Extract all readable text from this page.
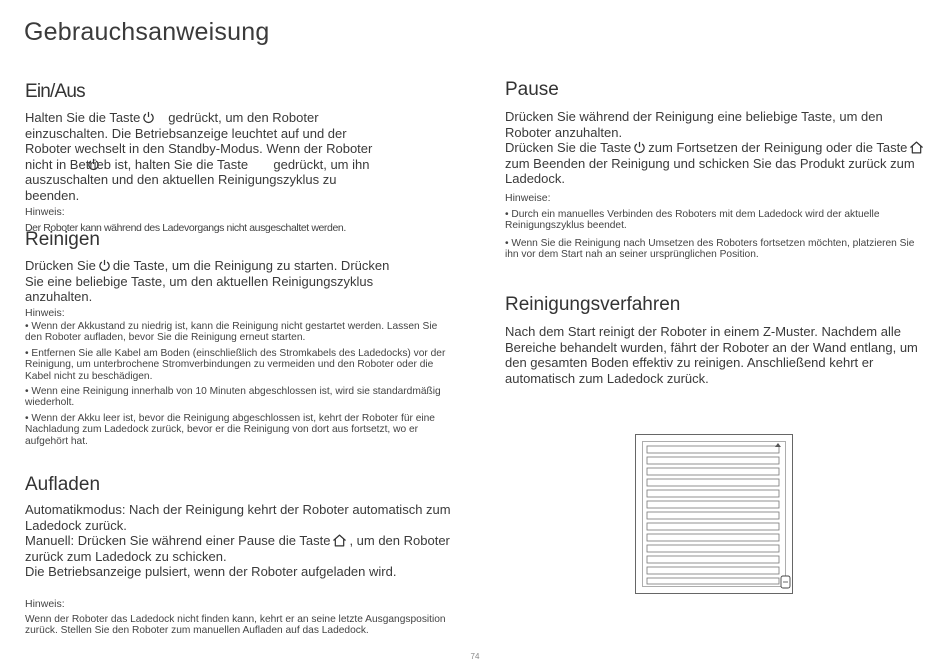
Gebrauchsanweisung
Ein/Aus
Halten Sie die Taste gedrückt, um den Roboter
einzuschalten. Die Betriebsanzeige leuchtet auf und der
Roboter wechselt in den Standby-Modus. Wenn der Roboter
nicht in Betrieb ist, halten Sie die Taste gedrückt, um ihn
auszuschalten und den aktuellen Reinigungszyklus zu
beenden.
Hinweis:
Der Roboter kann während des Ladevorgangs nicht ausgeschaltet werden.
Reinigen
Drücken Sie die Taste, um die Reinigung zu starten. Drücken
Sie eine beliebige Taste, um den aktuellen Reinigungszyklus
anzuhalten.
Hinweis:

• Wenn der Akkustand zu niedrig ist, kann die Reinigung nicht gestartet werden. Lassen Sie den Roboter aufladen, bevor Sie die Reinigung erneut starten.

• Entfernen Sie alle Kabel am Boden (einschließlich des Stromkabels des Ladedocks) vor der Reinigung, um unterbrochene Stromverbindungen zu vermeiden und den Roboter oder die Kabel nicht zu beschädigen.

• Wenn eine Reinigung innerhalb von 10 Minuten abgeschlossen ist, wird sie standardmäßig wiederholt.

• Wenn der Akku leer ist, bevor die Reinigung abgeschlossen ist, kehrt der Roboter für eine Nachladung zum Ladedock zurück, bevor er die Reinigung von dort aus fortsetzt, wo er aufgehört hat.

Aufladen
Automatikmodus: Nach der Reinigung kehrt der Roboter automatisch zum Ladedock zurück.
Manuell: Drücken Sie während einer Pause die Taste , um den Roboter zurück zum Ladedock zu schicken.
Die Betriebsanzeige pulsiert, wenn der Roboter aufgeladen wird.
Hinweis:
Wenn der Roboter das Ladedock nicht finden kann, kehrt er an seine letzte Ausgangsposition zurück. Stellen Sie den Roboter zum manuellen Aufladen auf das Ladedock.
Pause
Drücken Sie während der Reinigung eine beliebige Taste, um den Roboter anzuhalten.
Drücken Sie die Taste zum Fortsetzen der Reinigung oder die Taste
zum Beenden der Reinigung und schicken Sie das Produkt zurück zum Ladedock.
Hinweise:

• Durch ein manuelles Verbinden des Roboters mit dem Ladedock wird der aktuelle Reinigungszyklus beendet.

• Wenn Sie die Reinigung nach Umsetzen des Roboters fortsetzen möchten, platzieren Sie ihn vor dem Start nah an seiner ursprünglichen Position.

Reinigungsverfahren
Nach dem Start reinigt der Roboter in einem Z-Muster. Nachdem alle Bereiche behandelt wurden, fährt der Roboter an der Wand entlang, um den gesamten Boden effektiv zu reinigen. Anschließend kehrt er automatisch zum Ladedock zurück.
74
